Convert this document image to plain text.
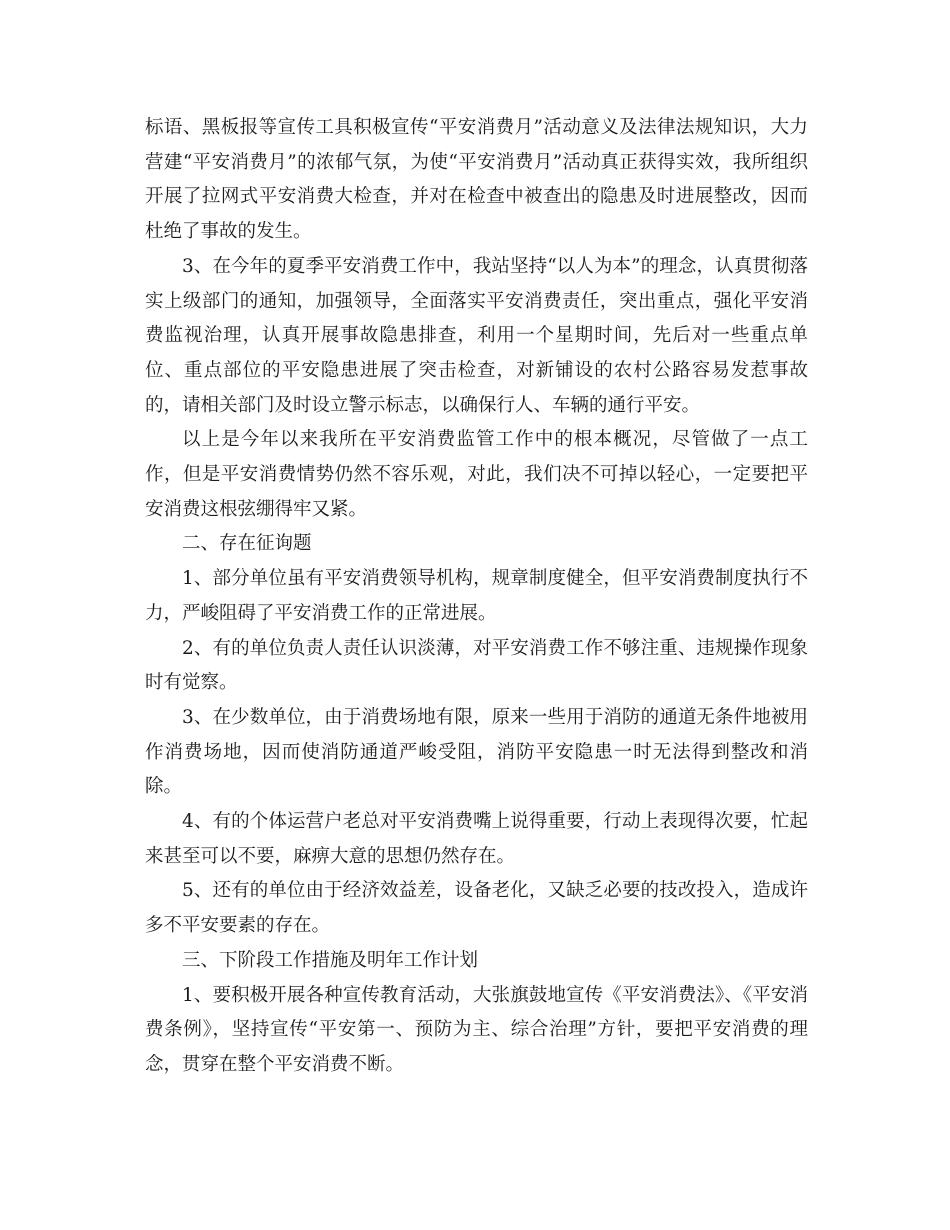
标语、黑板报等宣传工具积极宣传“平安消费月”活动意义及法律法规知识，大力营建“平安消费月”的浓郁气氛，为使“平安消费月”活动真正获得实效，我所组织开展了拉网式平安消费大检查，并对在检查中被查出的隐患及时进展整改，因而杜绝了事故的发生。

3、在今年的夏季平安消费工作中，我站坚持“以人为本”的理念，认真贯彻落实上级部门的通知，加强领导，全面落实平安消费责任，突出重点，强化平安消费监视治理，认真开展事故隐患排查，利用一个星期时间，先后对一些重点单位、重点部位的平安隐患进展了突击检查，对新铺设的农村公路容易发惹事故的，请相关部门及时设立警示标志，以确保行人、车辆的通行平安。

以上是今年以来我所在平安消费监管工作中的根本概况，尽管做了一点工作，但是平安消费情势仍然不容乐观，对此，我们决不可掉以轻心，一定要把平安消费这根弦绷得牢又紧。

二、存在征询题

1、部分单位虽有平安消费领导机构，规章制度健全，但平安消费制度执行不力，严峻阻碍了平安消费工作的正常进展。

2、有的单位负责人责任认识淡薄，对平安消费工作不够注重、违规操作现象时有觉察。

3、在少数单位，由于消费场地有限，原来一些用于消防的通道无条件地被用作消费场地，因而使消防通道严峻受阻，消防平安隐患一时无法得到整改和消除。

4、有的个体运营户老总对平安消费嘴上说得重要，行动上表现得次要，忙起来甚至可以不要，麻痹大意的思想仍然存在。

5、还有的单位由于经济效益差，设备老化，又缺乏必要的技改投入，造成许多不平安要素的存在。

三、下阶段工作措施及明年工作计划

1、要积极开展各种宣传教育活动，大张旗鼓地宣传《平安消费法》、《平安消费条例》，坚持宣传“平安第一、预防为主、综合治理”方针，要把平安消费的理念，贯穿在整个平安消费不断。
